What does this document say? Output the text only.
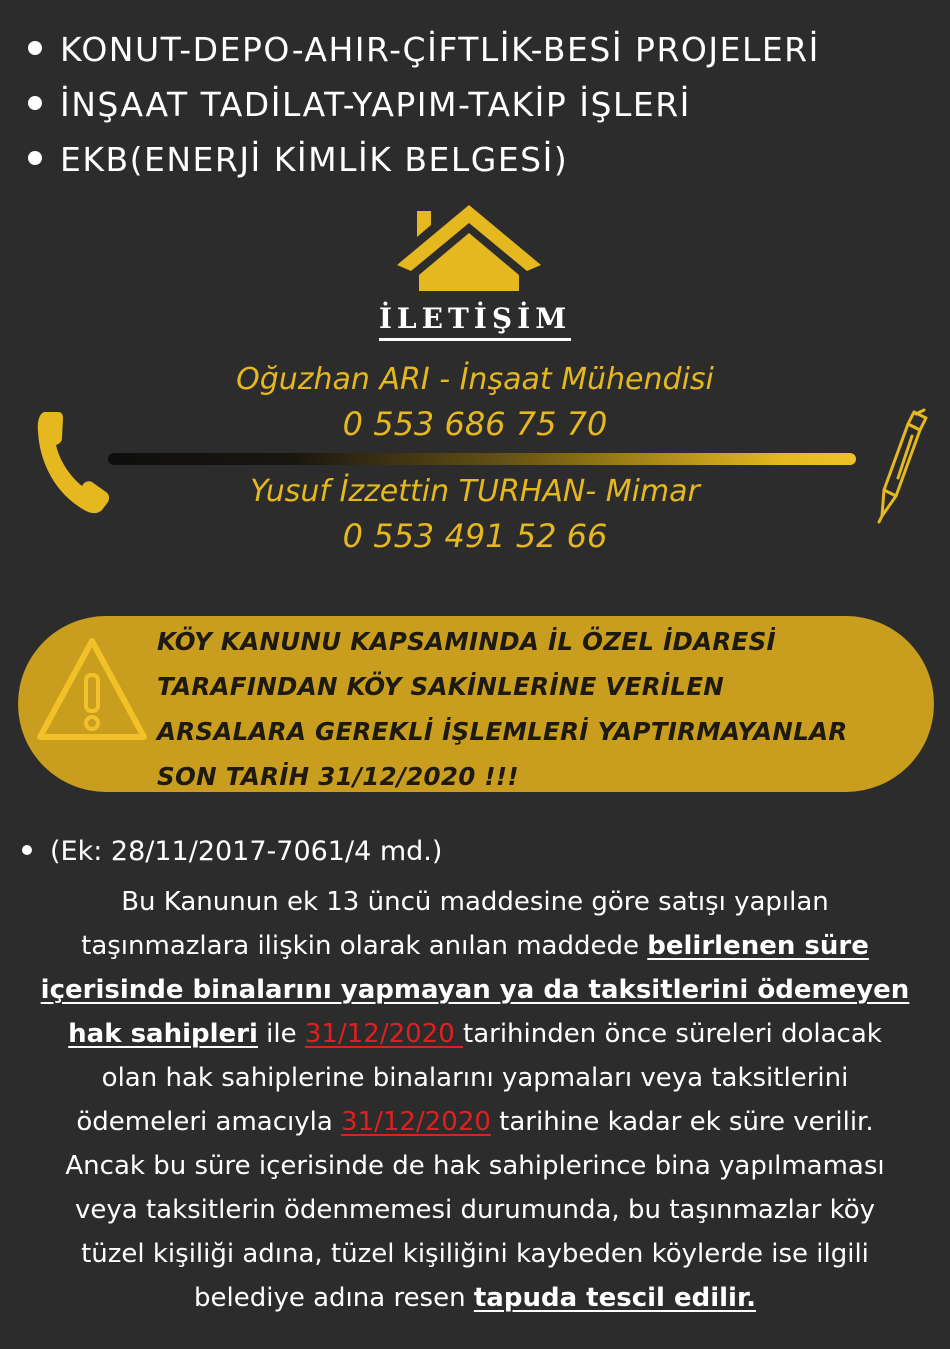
KONUT-DEPO-AHIR-ÇİFTLİK-BESİ PROJELERİ
İNŞAAT TADİLAT-YAPIM-TAKİP İŞLERİ
EKB(ENERJİ KİMLİK BELGESİ)
İLETİŞİM
Oğuzhan ARI - İnşaat Mühendisi
0 553 686 75 70
Yusuf İzzettin TURHAN- Mimar
0 553 491 52 66
KÖY KANUNU KAPSAMINDA İL ÖZEL İDARESİ
TARAFINDAN KÖY SAKİNLERİNE VERİLEN
ARSALARA GEREKLİ İŞLEMLERİ YAPTIRMAYANLAR
SON TARİH 31/12/2020 !!!
(Ek: 28/11/2017-7061/4 md.)
Bu Kanunun ek 13 üncü maddesine göre satışı yapılan
taşınmazlara ilişkin olarak anılan maddede belirlenen süre
içerisinde binalarını yapmayan ya da taksitlerini ödemeyen
hak sahipleri ile 31/12/2020 tarihinden önce süreleri dolacak
olan hak sahiplerine binalarını yapmaları veya taksitlerini
ödemeleri amacıyla 31/12/2020 tarihine kadar ek süre verilir.
Ancak bu süre içerisinde de hak sahiplerince bina yapılmaması
veya taksitlerin ödenmemesi durumunda, bu taşınmazlar köy
tüzel kişiliği adına, tüzel kişiliğini kaybeden köylerde ise ilgili
belediye adına resen tapuda tescil edilir.
